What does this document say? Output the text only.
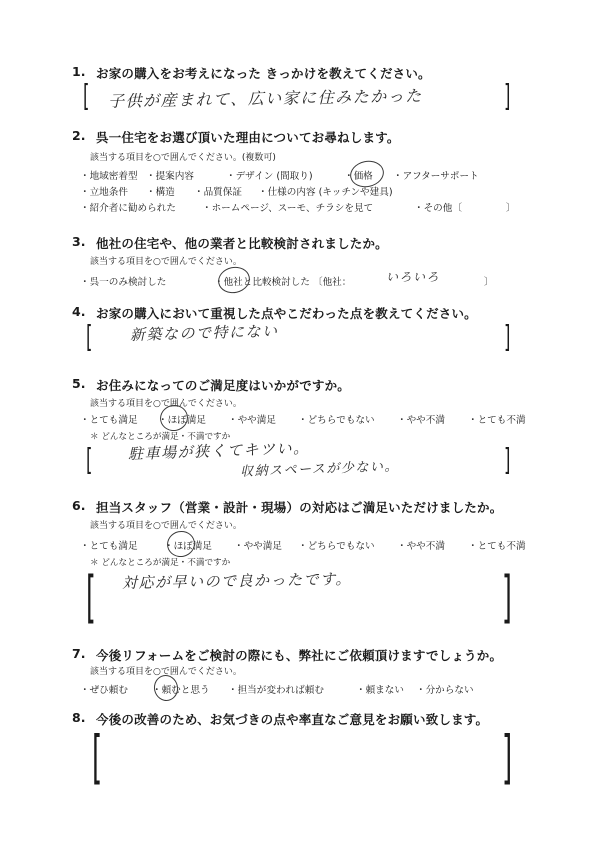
1. お家の購入をお考えになった きっかけを教えてください。
[	]
子供が産まれて、広い家に住みたかった
2. 呉一住宅をお選び頂いた理由についてお尋ねします。
該当する項目を○で囲んでください。(複数可)
・地域密着型 ・提案内容	・デザイン (間取り)	・価格 ・アフターサポート
・立地条件 ・構造 ・品質保証 ・仕様の内容 (キッチンや建具)
・紹介者に勧められた	・ホームページ、スーモ、チラシを見て	・その他〔	〕
3. 他社の住宅や、他の業者と比較検討されましたか。
該当する項目を○で囲んでください。
・呉一のみ検討した	・他社と比較検討した 〔他社：	いろいろ	〕
4. お家の購入において重視した点やこだわった点を教えてください。
[	]
新築なので特にない
5. お住みになってのご満足度はいかがですか。
該当する項目を○で囲んでください。
・とても満足 ・ほぼ満足 ・やや満足 ・どちらでもない ・やや不満 ・とても不満
＊ どんなところが満足・不満ですか
[	]
駐車場が狭くてキツい。
収納スペースが少ない。
6. 担当スタッフ（営業・設計・現場）の対応はご満足いただけましたか。
該当する項目を○で囲んでください。
・とても満足	・ほぼ満足 ・やや満足 ・どちらでもない ・やや不満 ・とても不満
＊ どんなところが満足・不満ですか
[	]
対応が早いので良かったです。
7. 今後リフォームをご検討の際にも、弊社にご依頼頂けますでしょうか。
該当する項目を○で囲んでください。
・ぜひ頼む	・頼むと思う ・担当が変われば頼む	・頼まない ・分からない
8. 今後の改善のため、お気づきの点や率直なご意見をお願い致します。
[	]
